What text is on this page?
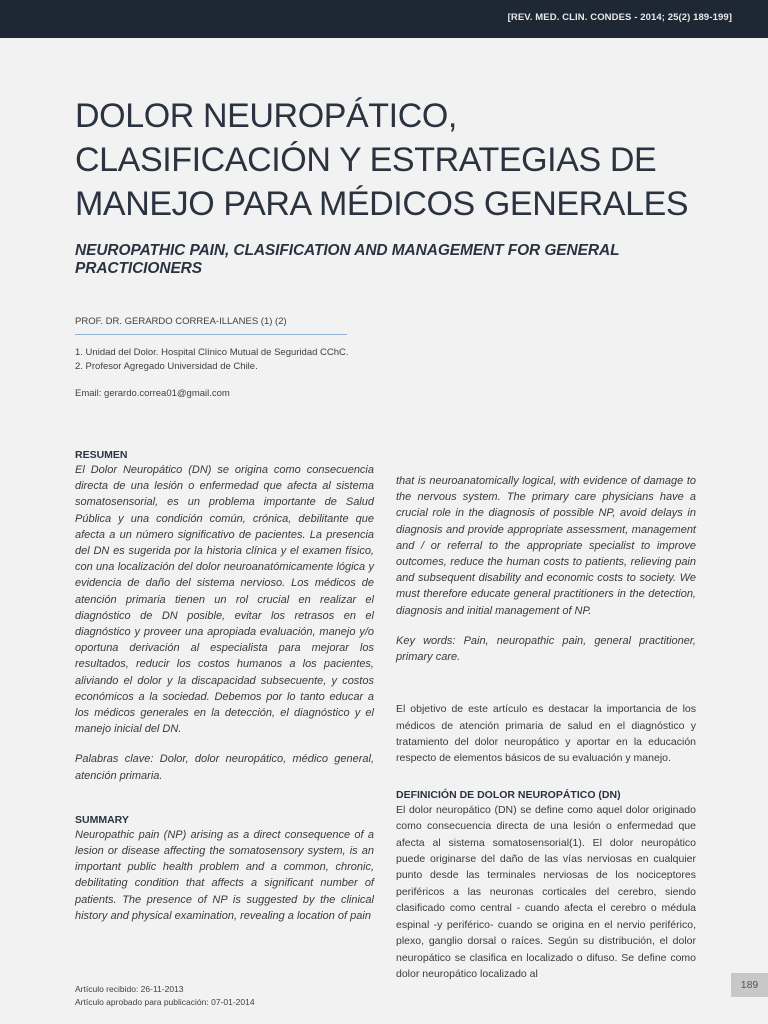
[REV. MED. CLIN. CONDES - 2014; 25(2) 189-199]
DOLOR NEUROPÁTICO, CLASIFICACIÓN Y ESTRATEGIAS DE MANEJO PARA MÉDICOS GENERALES
NEUROPATHIC PAIN, CLASIFICATION AND MANAGEMENT FOR GENERAL PRACTICIONERS
PROF. DR. GERARDO CORREA-ILLANES (1) (2)
1. Unidad del Dolor. Hospital Clínico Mutual de Seguridad CChC.
2. Profesor Agregado Universidad de Chile.
Email: gerardo.correa01@gmail.com
RESUMEN

El Dolor Neuropático (DN) se origina como consecuencia directa de una lesión o enfermedad que afecta al sistema somatosensorial, es un problema importante de Salud Pública y una condición común, crónica, debilitante que afecta a un número significativo de pacientes. La presencia del DN es sugerida por la historia clínica y el examen físico, con una localización del dolor neuroanatómicamente lógica y evidencia de daño del sistema nervioso. Los médicos de atención primaria tienen un rol crucial en realizar el diagnóstico de DN posible, evitar los retrasos en el diagnóstico y proveer una apropiada evaluación, manejo y/o oportuna derivación al especialista para mejorar los resultados, reducir los costos humanos a los pacientes, aliviando el dolor y la discapacidad subsecuente, y costos económicos a la sociedad. Debemos por lo tanto educar a los médicos generales en la detección, el diagnóstico y el manejo inicial del DN.

Palabras clave: Dolor, dolor neuropático, médico general, atención primaria.

SUMMARY

Neuropathic pain (NP) arising as a direct consequence of a lesion or disease affecting the somatosensory system, is an important public health problem and a common, chronic, debilitating condition that affects a significant number of patients. The presence of NP is suggested by the clinical history and physical examination, revealing a location of pain

that is neuroanatomically logical, with evidence of damage to the nervous system. The primary care physicians have a crucial role in the diagnosis of possible NP, avoid delays in diagnosis and provide appropriate assessment, management and / or referral to the appropriate specialist to improve outcomes, reduce the human costs to patients, relieving pain and subsequent disability and economic costs to society. We must therefore educate general practitioners in the detection, diagnosis and initial management of NP.

Key words: Pain, neuropathic pain, general practitioner, primary care.

El objetivo de este artículo es destacar la importancia de los médicos de atención primaria de salud en el diagnóstico y tratamiento del dolor neuropático y aportar en la educación respecto de elementos básicos de su evaluación y manejo.

DEFINICIÓN DE DOLOR NEUROPÁTICO (DN)

El dolor neuropático (DN) se define como aquel dolor originado como consecuencia directa de una lesión o enfermedad que afecta al sistema somatosensorial(1). El dolor neuropático puede originarse del daño de las vías nerviosas en cualquier punto desde las terminales nerviosas de los nociceptores periféricos a las neuronas corticales del cerebro, siendo clasificado como central - cuando afecta el cerebro o médula espinal -y periférico- cuando se origina en el nervio periférico, plexo, ganglio dorsal o raíces. Según su distribución, el dolor neuropático se clasifica en localizado o difuso. Se define como dolor neuropático localizado al

Artículo recibido: 26-11-2013
Artículo aprobado para publicación: 07-01-2014
189
